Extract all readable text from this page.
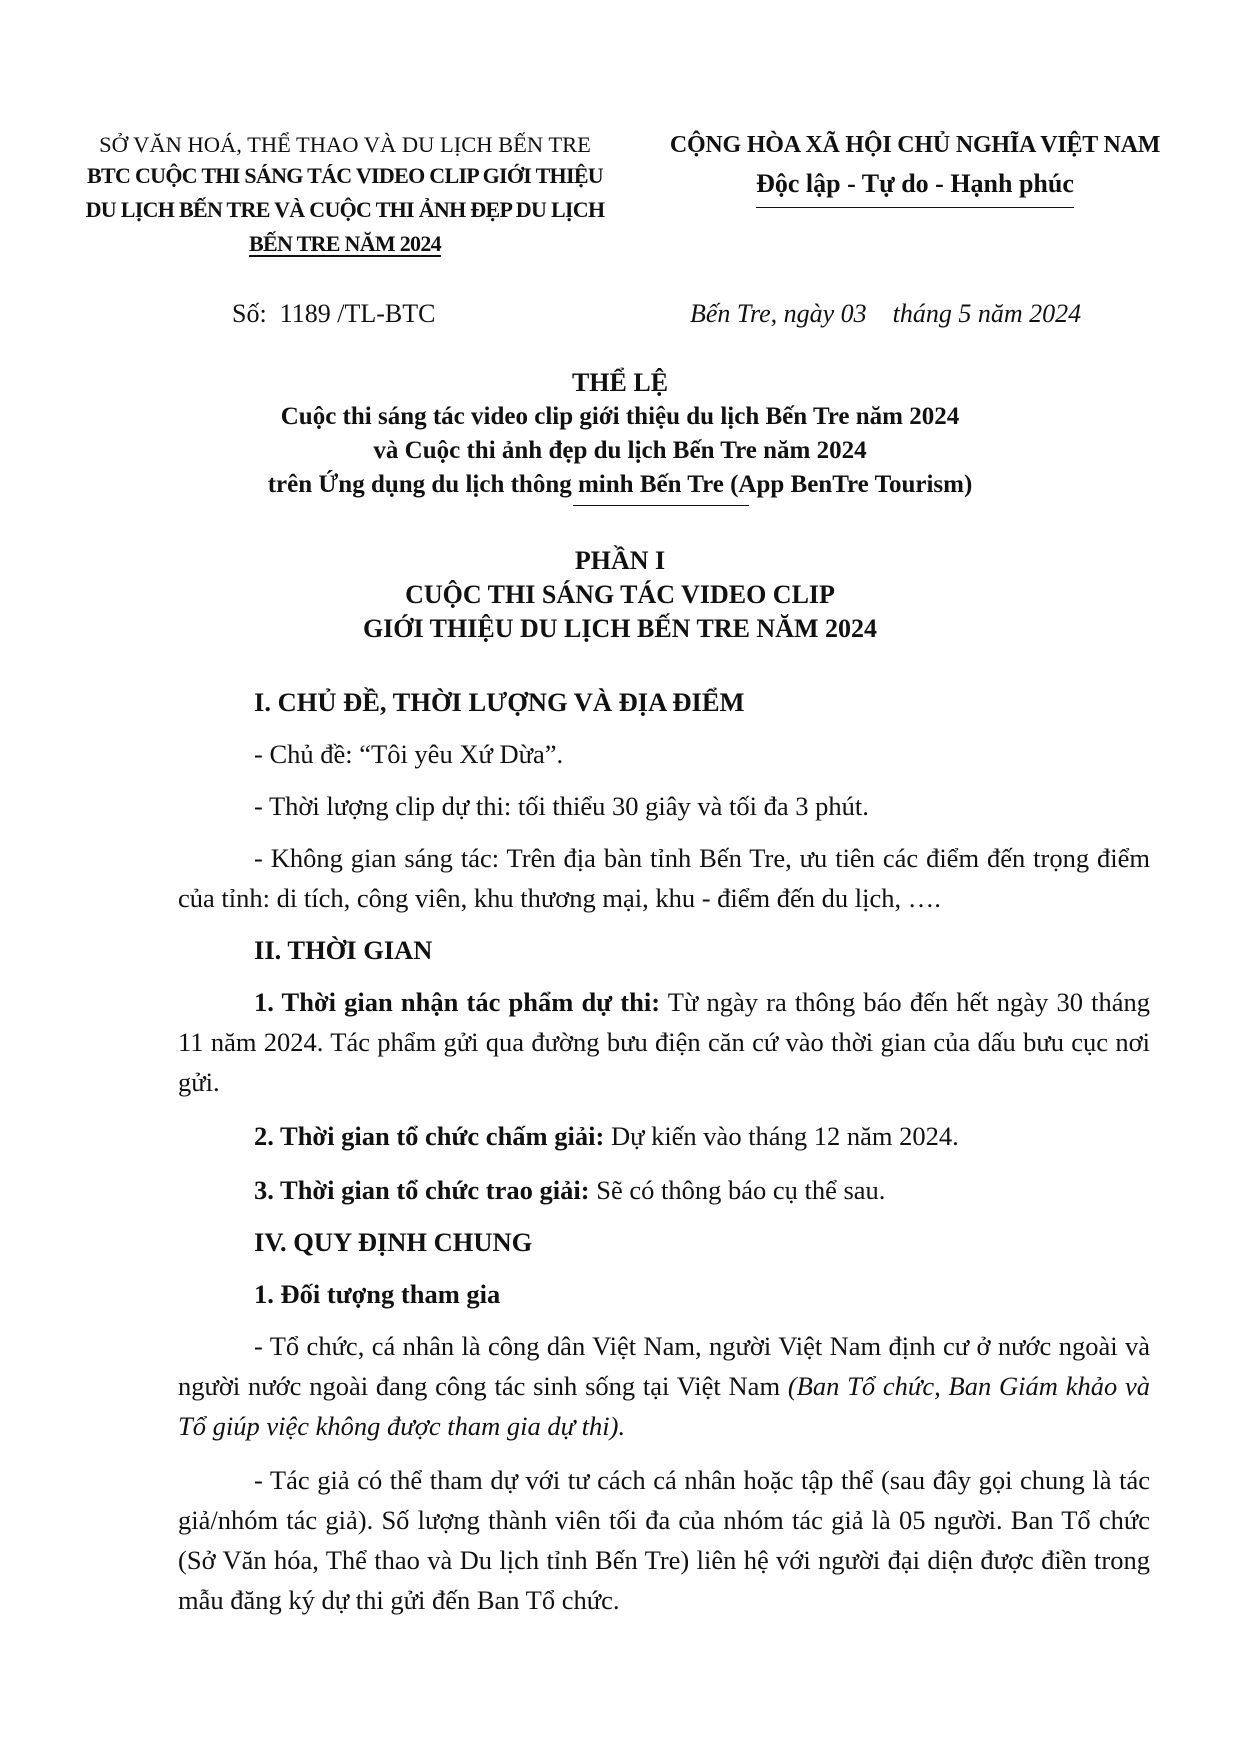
SỞ VĂN HOÁ, THỂ THAO VÀ DU LỊCH BẾN TRE
BTC CUỘC THI SÁNG TÁC VIDEO CLIP GIỚI THIỆU
DU LỊCH BẾN TRE VÀ CUỘC THI ẢNH ĐẸP DU LỊCH
BẾN TRE NĂM 2024
CỘNG HÒA XÃ HỘI CHỦ NGHĨA VIỆT NAM
Độc lập - Tự do - Hạnh phúc
Số:  1189 /TL-BTC	Bến Tre, ngày 03    tháng 5 năm 2024
THỂ LỆ
Cuộc thi sáng tác video clip giới thiệu du lịch Bến Tre năm 2024
và Cuộc thi ảnh đẹp du lịch Bến Tre năm 2024
trên Ứng dụng du lịch thông minh Bến Tre (App BenTre Tourism)
PHẦN I
CUỘC THI SÁNG TÁC VIDEO CLIP
GIỚI THIỆU DU LỊCH BẾN TRE NĂM 2024

I. CHỦ ĐỀ, THỜI LƯỢNG VÀ ĐỊA ĐIỂM

- Chủ đề: “Tôi yêu Xứ Dừa”.

- Thời lượng clip dự thi: tối thiểu 30 giây và tối đa 3 phút.

- Không gian sáng tác: Trên địa bàn tỉnh Bến Tre, ưu tiên các điểm đến trọng điểm của tỉnh: di tích, công viên, khu thương mại, khu - điểm đến du lịch, ….

II. THỜI GIAN

1. Thời gian nhận tác phẩm dự thi: Từ ngày ra thông báo đến hết ngày 30 tháng 11 năm 2024. Tác phẩm gửi qua đường bưu điện căn cứ vào thời gian của dấu bưu cục nơi gửi.

2. Thời gian tổ chức chấm giải: Dự kiến vào tháng 12 năm 2024.

3. Thời gian tổ chức trao giải: Sẽ có thông báo cụ thể sau.

IV. QUY ĐỊNH CHUNG

1. Đối tượng tham gia

- Tổ chức, cá nhân là công dân Việt Nam, người Việt Nam định cư ở nước ngoài và người nước ngoài đang công tác sinh sống tại Việt Nam (Ban Tổ chức, Ban Giám khảo và Tổ giúp việc không được tham gia dự thi).

- Tác giả có thể tham dự với tư cách cá nhân hoặc tập thể (sau đây gọi chung là tác giả/nhóm tác giả). Số lượng thành viên tối đa của nhóm tác giả là 05 người. Ban Tổ chức (Sở Văn hóa, Thể thao và Du lịch tỉnh Bến Tre) liên hệ với người đại diện được điền trong mẫu đăng ký dự thi gửi đến Ban Tổ chức.
